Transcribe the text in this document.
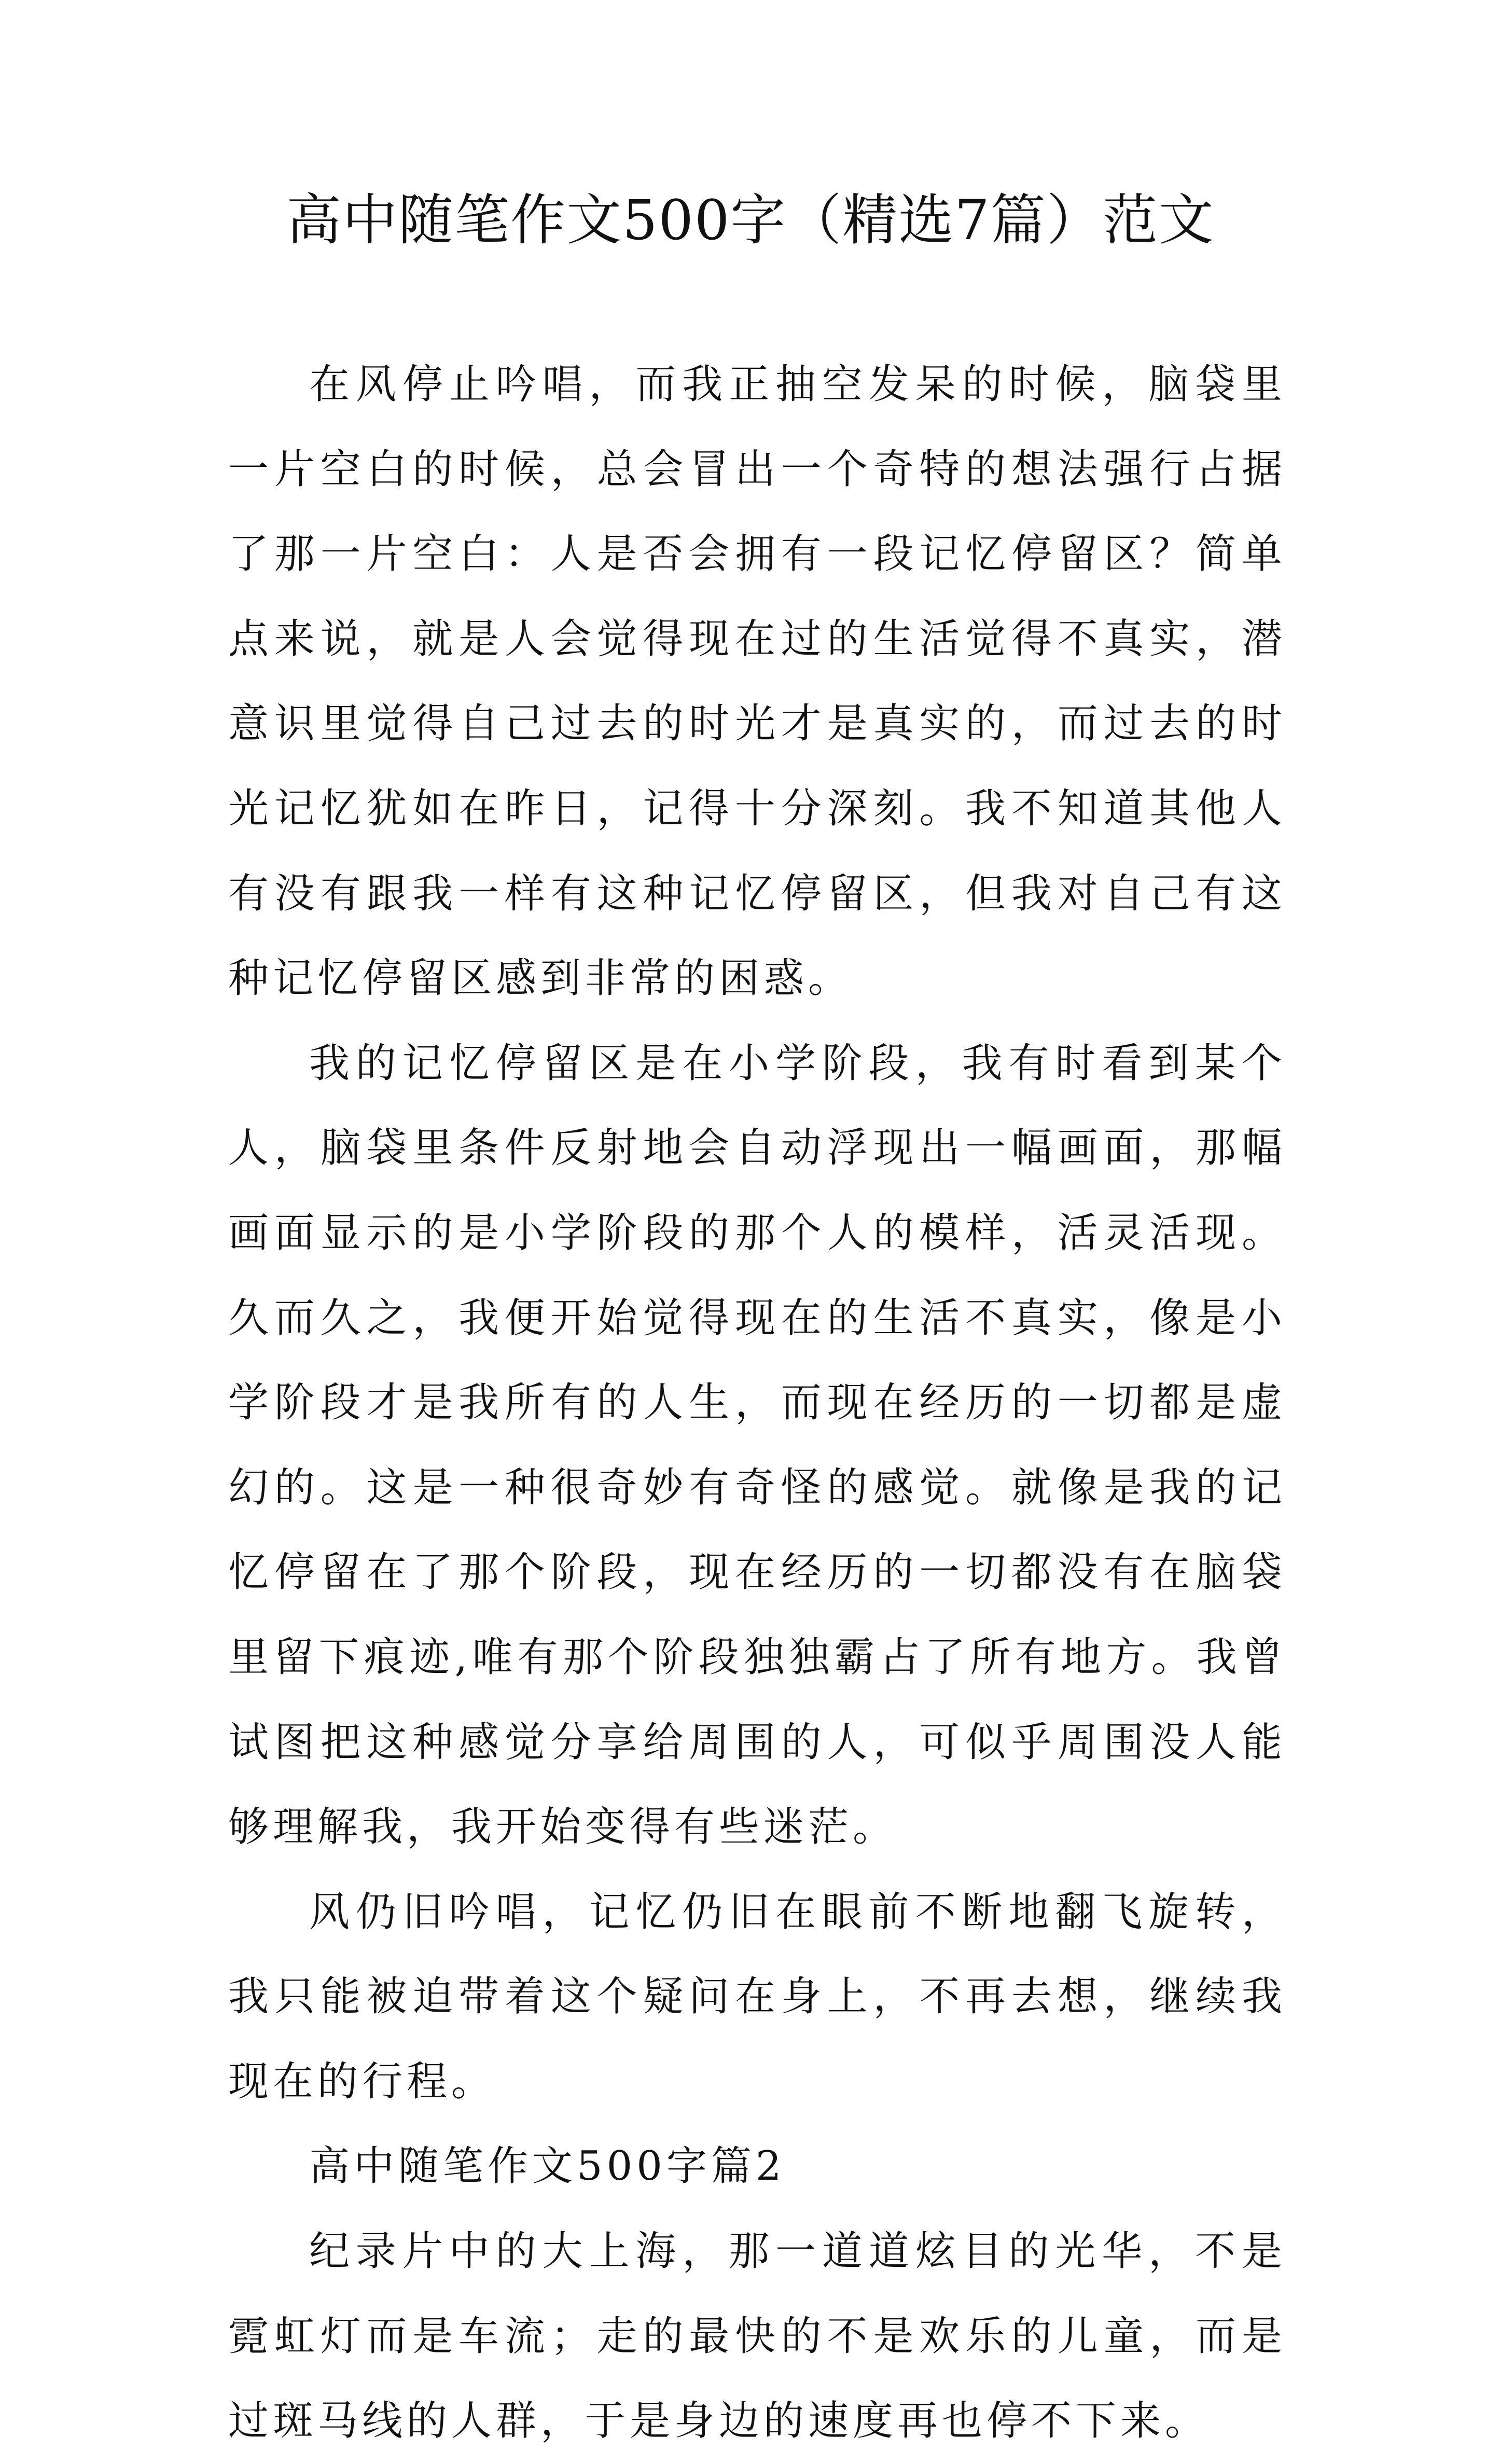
高中随笔作文500字（精选7篇）范文

在风停止吟唱，而我正抽空发呆的时候，脑袋里一片空白的时候，总会冒出一个奇特的想法强行占据了那一片空白：人是否会拥有一段记忆停留区？简单点来说，就是人会觉得现在过的生活觉得不真实，潜意识里觉得自己过去的时光才是真实的，而过去的时光记忆犹如在昨日，记得十分深刻。我不知道其他人有没有跟我一样有这种记忆停留区，但我对自己有这种记忆停留区感到非常的困惑。

我的记忆停留区是在小学阶段，我有时看到某个人，脑袋里条件反射地会自动浮现出一幅画面，那幅画面显示的是小学阶段的那个人的模样，活灵活现。久而久之，我便开始觉得现在的生活不真实，像是小学阶段才是我所有的人生，而现在经历的一切都是虚幻的。这是一种很奇妙有奇怪的感觉。就像是我的记忆停留在了那个阶段，现在经历的一切都没有在脑袋里留下痕迹,唯有那个阶段独独霸占了所有地方。我曾试图把这种感觉分享给周围的人，可似乎周围没人能够理解我，我开始变得有些迷茫。

风仍旧吟唱，记忆仍旧在眼前不断地翻飞旋转，我只能被迫带着这个疑问在身上，不再去想，继续我现在的行程。

高中随笔作文500字篇2

纪录片中的大上海，那一道道炫目的光华，不是霓虹灯而是车流；走的最快的不是欢乐的儿童，而是过斑马线的人群，于是身边的速度再也停不下来。
